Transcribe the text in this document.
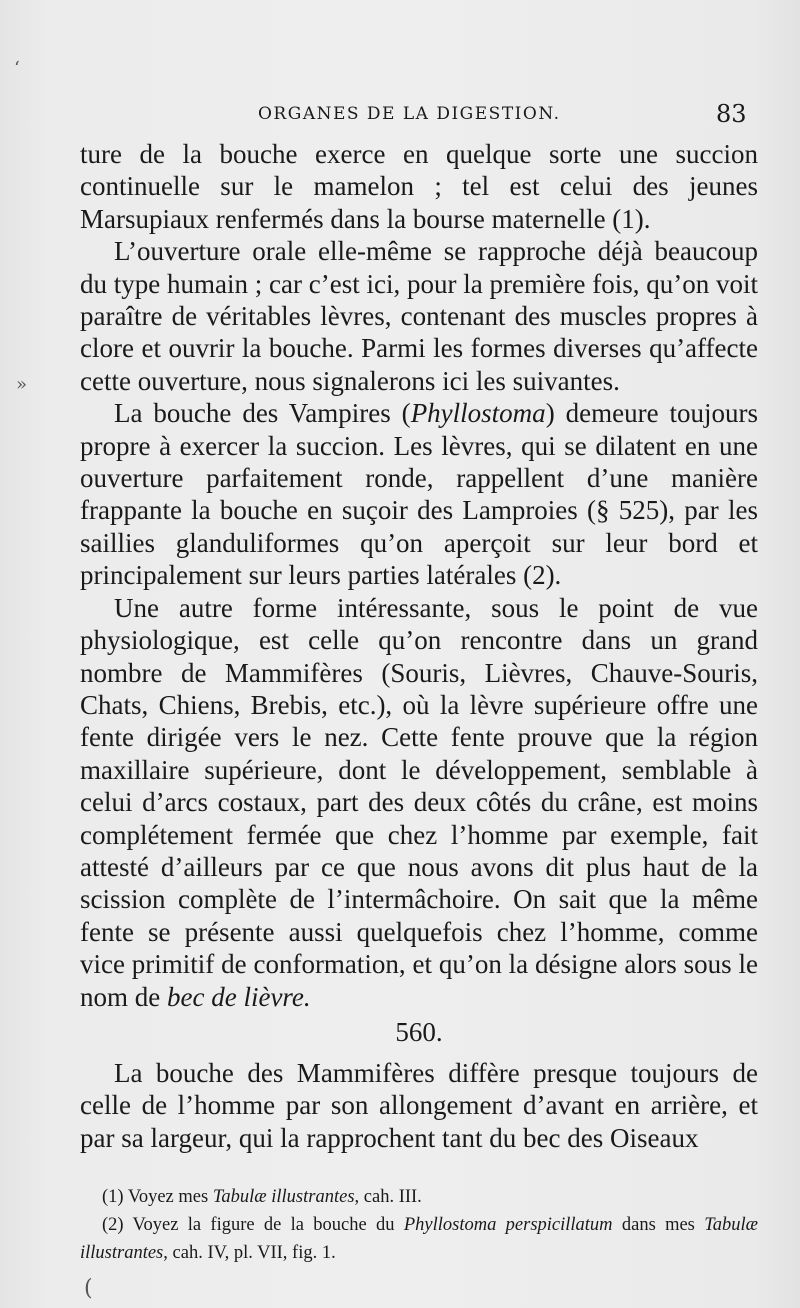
ʻ
»
(
ORGANES DE LA DIGESTION.	83

ture de la bouche exerce en quelque sorte une succion continuelle sur le mamelon ; tel est celui des jeunes Marsupiaux renfermés dans la bourse maternelle (1).

L’ouverture orale elle-même se rapproche déjà beaucoup du type humain ; car c’est ici, pour la première fois, qu’on voit paraître de véritables lèvres, contenant des muscles propres à clore et ouvrir la bouche. Parmi les formes diverses qu’affecte cette ouverture, nous signalerons ici les suivantes.

La bouche des Vampires (Phyllostoma) demeure toujours propre à exercer la succion. Les lèvres, qui se dilatent en une ouverture parfaitement ronde, rappellent d’une manière frappante la bouche en suçoir des Lamproies (§ 525), par les saillies glanduliformes qu’on aperçoit sur leur bord et principalement sur leurs parties latérales (2).

Une autre forme intéressante, sous le point de vue physiologique, est celle qu’on rencontre dans un grand nombre de Mammifères (Souris, Lièvres, Chauve-Souris, Chats, Chiens, Brebis, etc.), où la lèvre supérieure offre une fente dirigée vers le nez. Cette fente prouve que la région maxillaire supérieure, dont le développement, semblable à celui d’arcs costaux, part des deux côtés du crâne, est moins complétement fermée que chez l’homme par exemple, fait attesté d’ailleurs par ce que nous avons dit plus haut de la scission complète de l’intermâchoire. On sait que la même fente se présente aussi quelquefois chez l’homme, comme vice primitif de conformation, et qu’on la désigne alors sous le nom de bec de lièvre.

560.

La bouche des Mammifères diffère presque toujours de celle de l’homme par son allongement d’avant en arrière, et par sa largeur, qui la rapprochent tant du bec des Oiseaux

(1) Voyez mes Tabulæ illustrantes, cah. III.

(2) Voyez la figure de la bouche du Phyllostoma perspicillatum dans mes Tabulæ illustrantes, cah. IV, pl. VII, fig. 1.
